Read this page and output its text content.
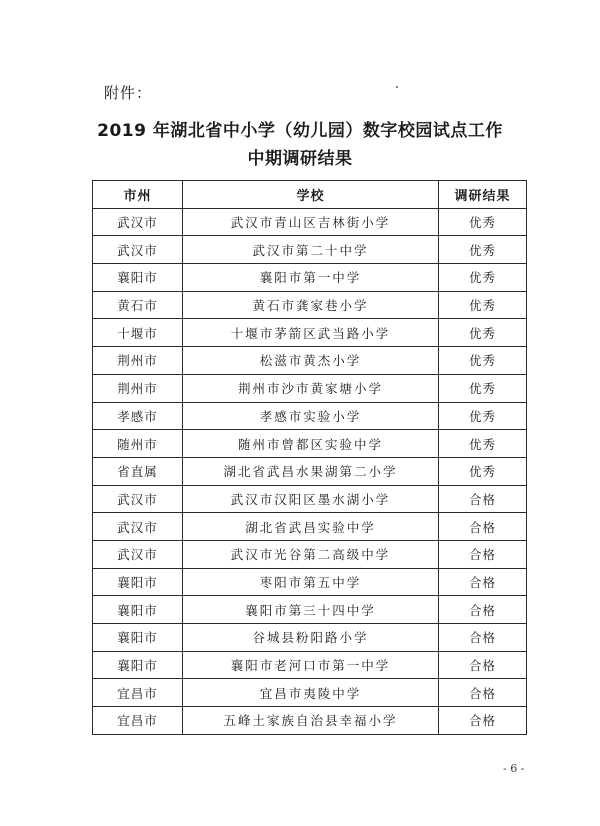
附件：
2019 年湖北省中小学（幼儿园）数字校园试点工作
中期调研结果
市州	学校	调研结果
武汉市	武汉市青山区吉林街小学	优秀
武汉市	武汉市第二十中学	优秀
襄阳市	襄阳市第一中学	优秀
黄石市	黄石市龚家巷小学	优秀
十堰市	十堰市茅箭区武当路小学	优秀
荆州市	松滋市黄杰小学	优秀
荆州市	荆州市沙市黄家塘小学	优秀
孝感市	孝感市实验小学	优秀
随州市	随州市曾都区实验中学	优秀
省直属	湖北省武昌水果湖第二小学	优秀
武汉市	武汉市汉阳区墨水湖小学	合格
武汉市	湖北省武昌实验中学	合格
武汉市	武汉市光谷第二高级中学	合格
襄阳市	枣阳市第五中学	合格
襄阳市	襄阳市第三十四中学	合格
襄阳市	谷城县粉阳路小学	合格
襄阳市	襄阳市老河口市第一中学	合格
宜昌市	宜昌市夷陵中学	合格
宜昌市	五峰土家族自治县幸福小学	合格
- 6 -
